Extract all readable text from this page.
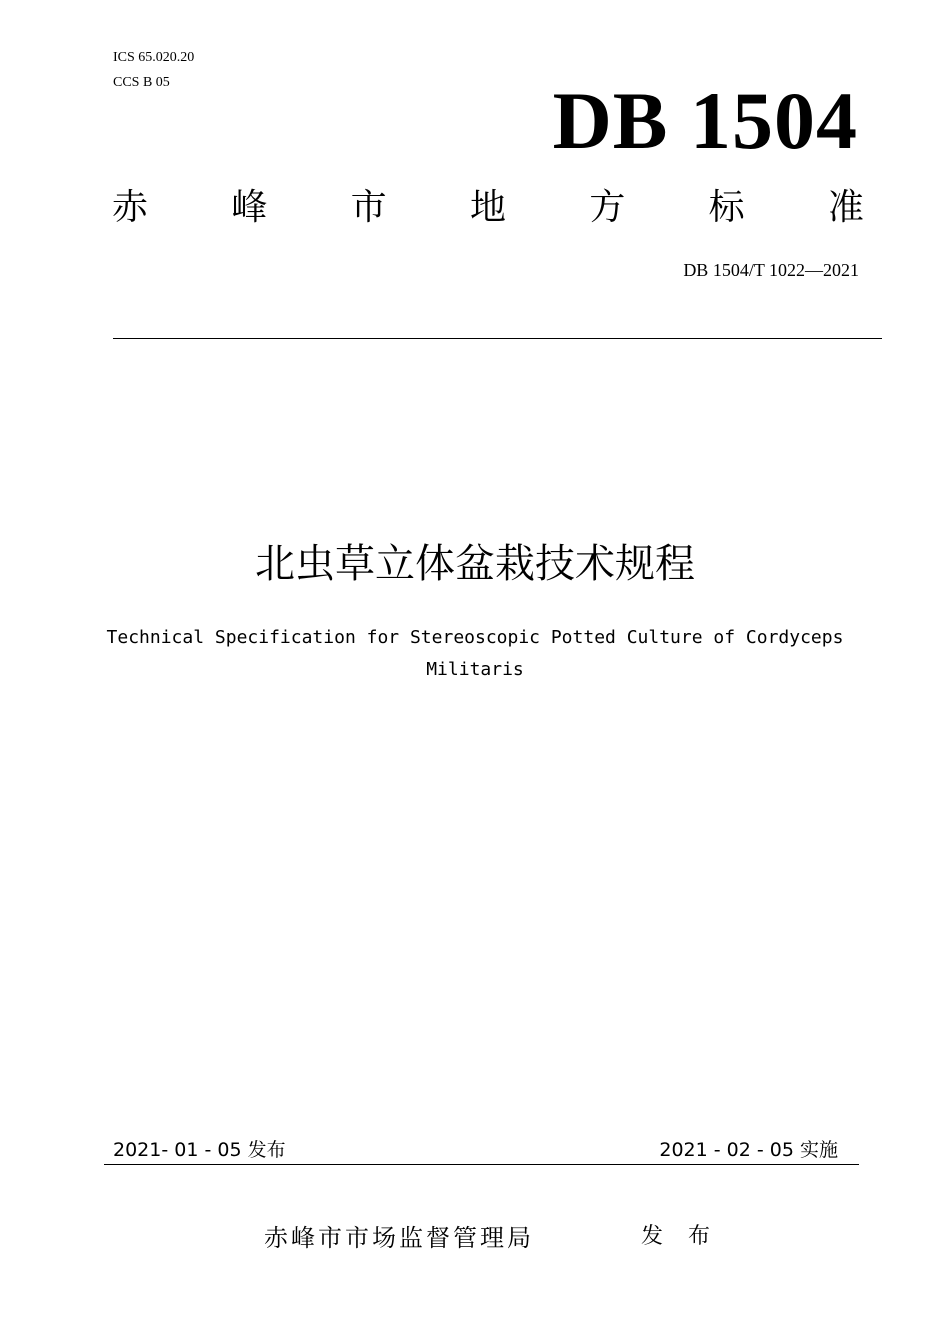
ICS 65.020.20
CCS B 05	DB 1504
赤 峰 市 地 方 标 准
DB 1504/T 1022—2021
北虫草立体盆栽技术规程
Technical Specification for Stereoscopic Potted Culture of Cordyceps
Militaris
2021- 01 - 05 发布	2021 - 02 - 05 实施
赤峰市市场监督管理局	发 布
